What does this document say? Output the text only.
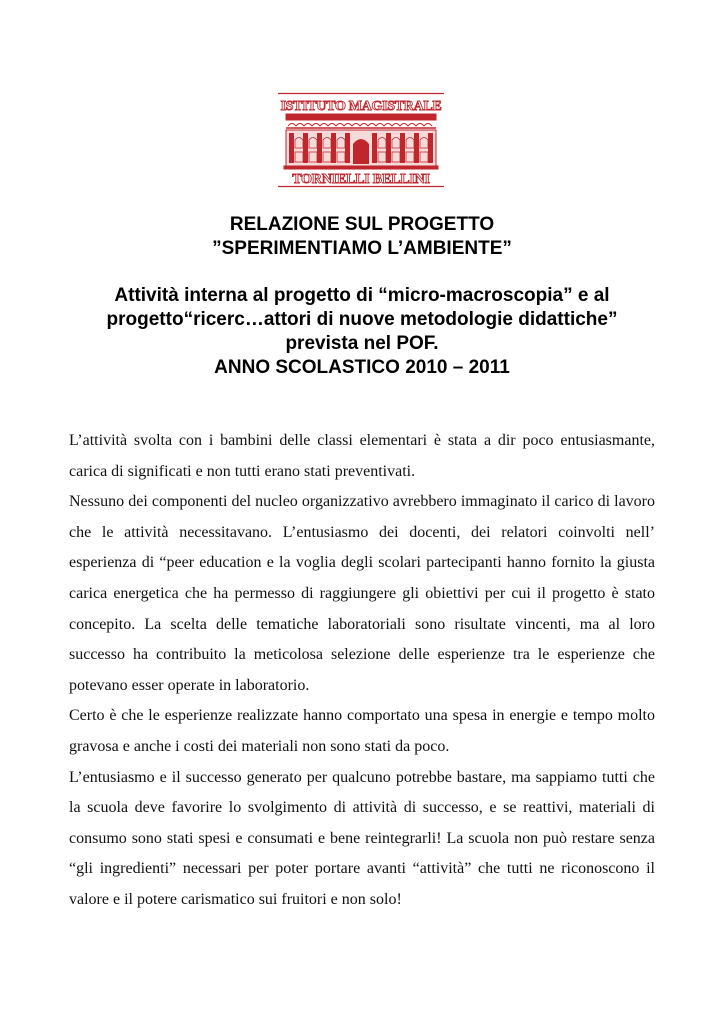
ISTITUTO MAGISTRALE
TORNIELLI BELLINI
RELAZIONE SUL PROGETTO
”SPERIMENTIAMO L’AMBIENTE”
Attività interna al progetto di “micro-macroscopia” e al
progetto“ricerc…attori di nuove metodologie didattiche”
prevista nel POF.
ANNO SCOLASTICO 2010 – 2011

L’attività svolta con i bambini delle classi elementari è stata a dir poco entusiasmante, carica di significati e non tutti erano stati preventivati.

Nessuno dei componenti del nucleo organizzativo avrebbero immaginato il carico di lavoro che le attività necessitavano. L’entusiasmo dei docenti, dei relatori coinvolti nell’ esperienza di “peer education e la voglia degli scolari partecipanti hanno fornito la giusta carica energetica che ha permesso di raggiungere gli obiettivi per cui il progetto è stato concepito. La scelta delle tematiche laboratoriali sono risultate vincenti, ma al loro successo ha contribuito la meticolosa selezione delle esperienze tra le esperienze che potevano esser operate in laboratorio.

Certo è che le esperienze realizzate hanno comportato una spesa in energie e tempo molto gravosa e anche i costi dei materiali non sono stati da poco.

L’entusiasmo e il successo generato per qualcuno potrebbe bastare, ma sappiamo tutti che la scuola deve favorire lo svolgimento di attività di successo, e se reattivi, materiali di consumo sono stati spesi e consumati e bene reintegrarli! La scuola non può restare senza “gli ingredienti” necessari per poter portare avanti “attività” che tutti ne riconoscono il valore e il potere carismatico sui fruitori e non solo!
